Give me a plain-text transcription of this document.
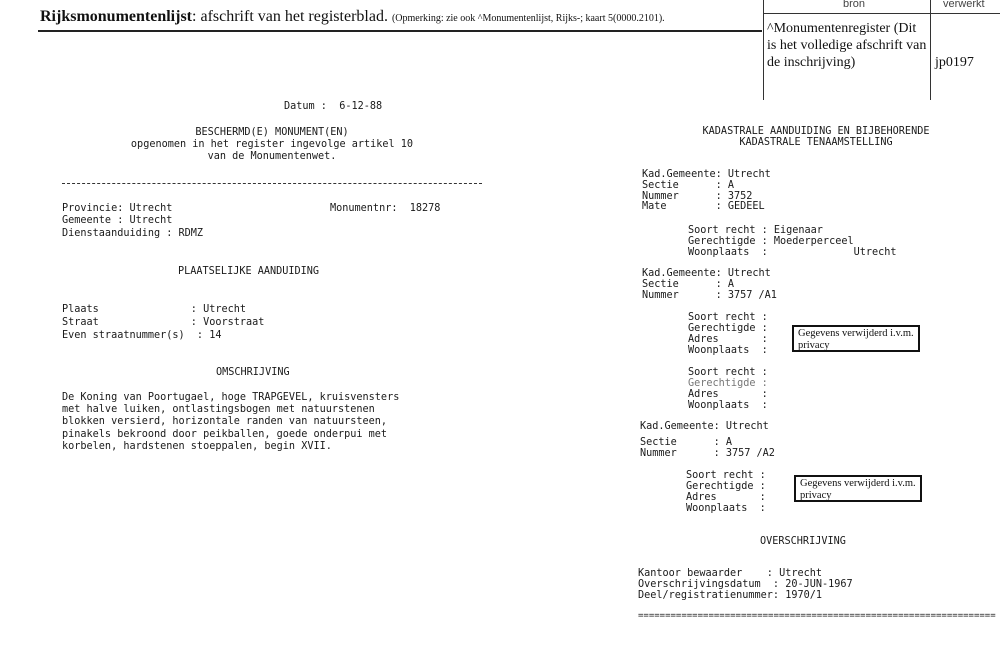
Rijksmonumentenlijst: afschrift van het registerblad. (Opmerking: zie ook ^Monumentenlijst, Rijks-; kaart 5(0000.2101).
bron	verwerkt
^Monumentenregister (Dit is het volledige afschrift van de inschrijving)	jp0197
Datum :  6-12-88
BESCHERMD(E) MONUMENT(EN)
opgenomen in het register ingevolge artikel 10
van de Monumentenwet.
Provincie: Utrecht	Monumentnr:  18278
Gemeente : Utrecht
Dienstaanduiding : RDMZ
PLAATSELIJKE AANDUIDING
Plaats               : Utrecht
Straat               : Voorstraat
Even straatnummer(s)  : 14
OMSCHRIJVING
De Koning van Poortugael, hoge TRAPGEVEL, kruisvensters
met halve luiken, ontlastingsbogen met natuurstenen
blokken versierd, horizontale randen van natuursteen,
pinakels bekroond door peikballen, goede onderpui met
korbelen, hardstenen stoeppalen, begin XVII.
KADASTRALE AANDUIDING EN BIJBEHORENDE
KADASTRALE TENAAMSTELLING
Kad.Gemeente: Utrecht
Sectie      : A
Nummer      : 3752
Mate        : GEDEEL
Soort recht : Eigenaar
Gerechtigde : Moederperceel
Woonplaats  :              Utrecht
Kad.Gemeente: Utrecht
Sectie      : A
Nummer      : 3757 /A1
Soort recht :
Gerechtigde :
Adres       :
Woonplaats  :
Gegevens verwijderd i.v.m. privacy
Soort recht :
Gerechtigde :
Adres       :
Woonplaats  :
Kad.Gemeente: Utrecht
Sectie      : A
Nummer      : 3757 /A2
Soort recht :
Gerechtigde :
Adres       :
Woonplaats  :
Gegevens verwijderd i.v.m. privacy
OVERSCHRIJVING
Kantoor bewaarder    : Utrecht
Overschrijvingsdatum  : 20-JUN-1967
Deel/registratienummer: 1970/1
==================================================================
